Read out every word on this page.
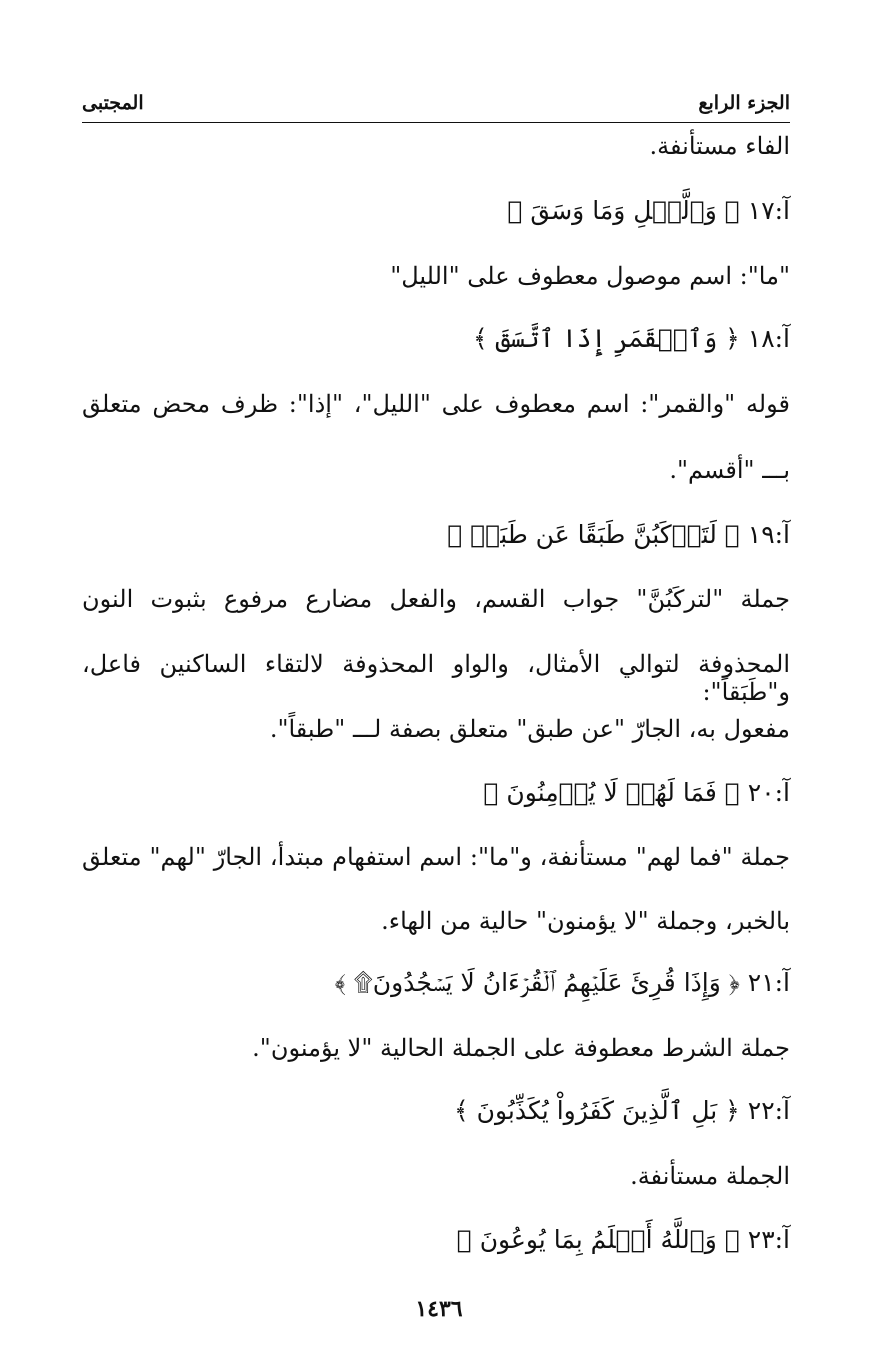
الجزء الرابع
المجتبى
الفاء مستأنفة.
آ:١٧ ﴿ وَٱلَّيۡلِ وَمَا وَسَقَ ﴾
"ما": اسم موصول معطوف على "الليل"
آ:١٨ ﴿ وَٱلۡقَمَرِ إِذَا ٱتَّسَقَ ﴾
قوله "والقمر": اسم معطوف على "الليل"، "إذا": ظرف محض متعلق
بـــ "أقسم".
آ:١٩ ﴿ لَتَرۡكَبُنَّ طَبَقًا عَن طَبَقٖ ﴾
جملة "لتركَبُنَّ" جواب القسم، والفعل مضارع مرفوع بثبوت النون
المحذوفة لتوالي الأمثال، والواو المحذوفة لالتقاء الساكنين فاعل، و"طَبَقاً":
مفعول به، الجارّ "عن طبق" متعلق بصفة لـــ "طبقاً".
آ:٢٠ ﴿ فَمَا لَهُمۡ لَا يُؤۡمِنُونَ ﴾
جملة "فما لهم" مستأنفة، و"ما": اسم استفهام مبتدأ، الجارّ "لهم" متعلق
بالخبر، وجملة "لا يؤمنون" حالية من الهاء.
آ:٢١ ﴿ وَإِذَا قُرِئَ عَلَيۡهِمُ ٱلۡقُرۡءَانُ لَا يَسۡجُدُونَ۩ ﴾
جملة الشرط معطوفة على الجملة الحالية "لا يؤمنون".
آ:٢٢ ﴿ بَلِ ٱلَّذِينَ كَفَرُواْ يُكَذِّبُونَ ﴾
الجملة مستأنفة.
آ:٢٣ ﴿ وَٱللَّهُ أَعۡلَمُ بِمَا يُوعُونَ ﴾
١٤٣٦
